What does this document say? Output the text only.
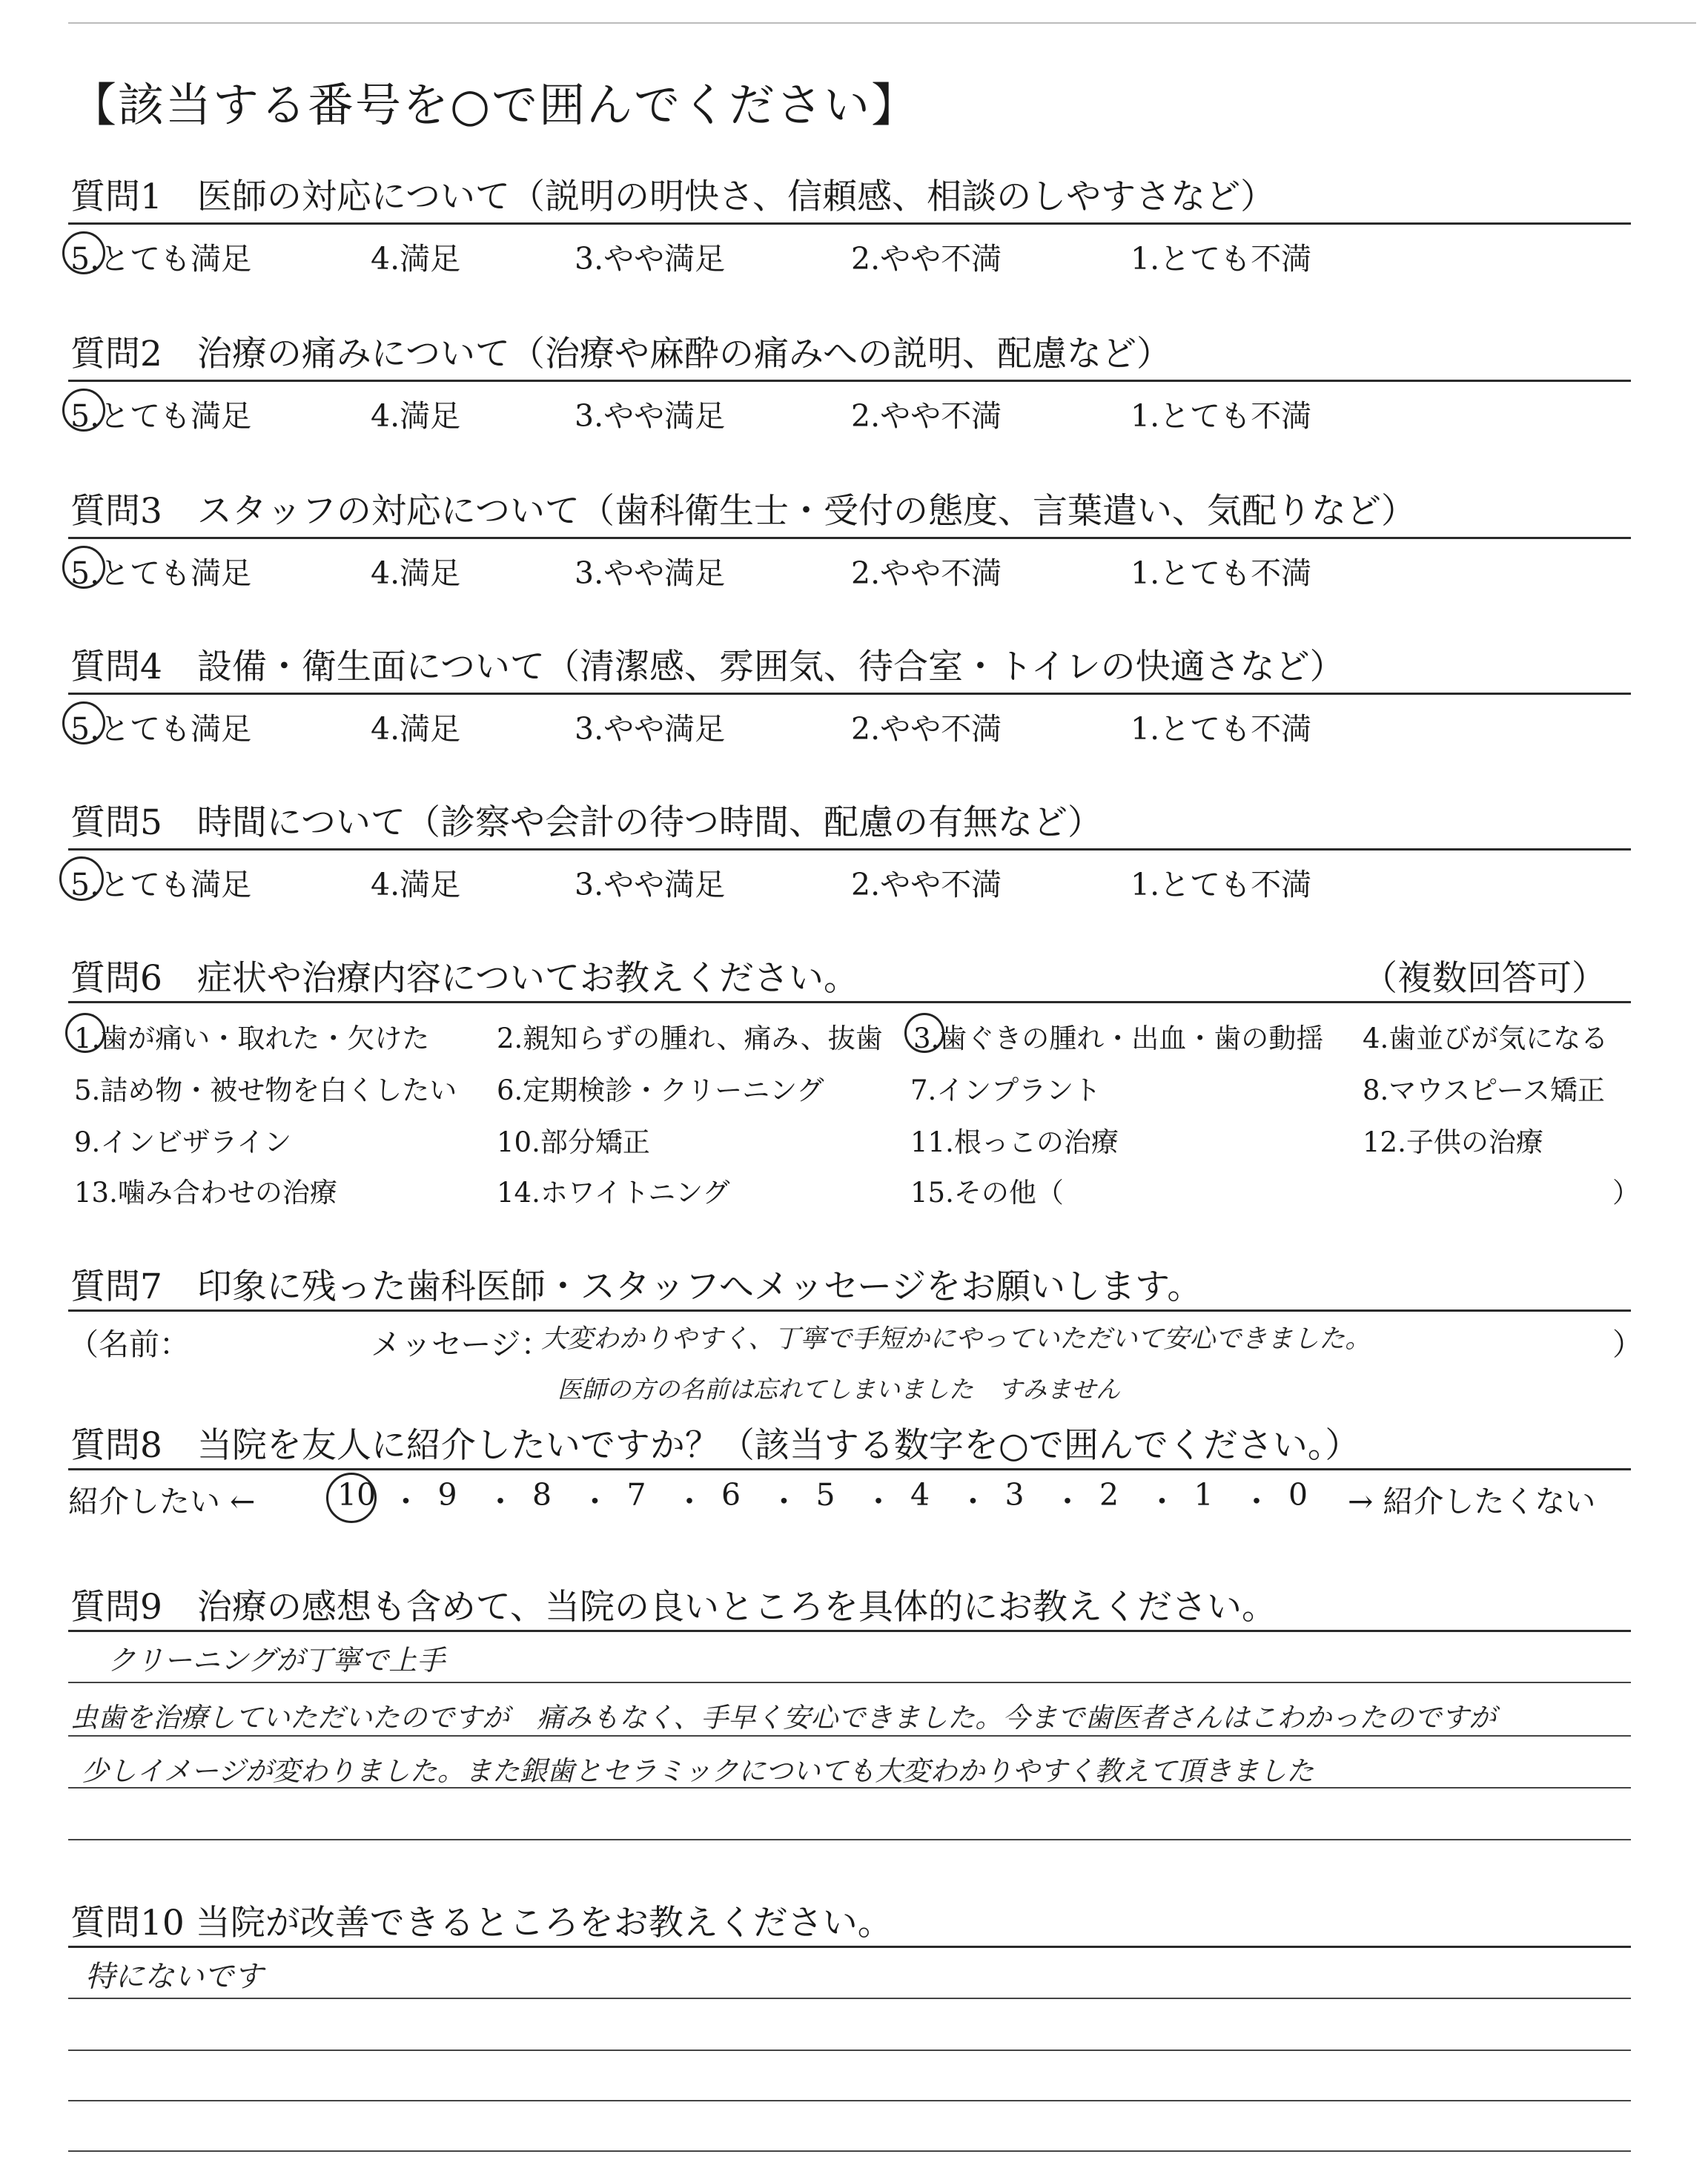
【該当する番号を○で囲んでください】
質問1　医師の対応について（説明の明快さ、信頼感、相談のしやすさなど）
5.とても満足	4.満足	3.やや満足	2.やや不満	1.とても不満
質問2　治療の痛みについて（治療や麻酔の痛みへの説明、配慮など）
5.とても満足	4.満足	3.やや満足	2.やや不満	1.とても不満
質問3　スタッフの対応について（歯科衛生士・受付の態度、言葉遣い、気配りなど）
5.とても満足	4.満足	3.やや満足	2.やや不満	1.とても不満
質問4　設備・衛生面について（清潔感、雰囲気、待合室・トイレの快適さなど）
5.とても満足	4.満足	3.やや満足	2.やや不満	1.とても不満
質問5　時間について（診察や会計の待つ時間、配慮の有無など）
5.とても満足	4.満足	3.やや満足	2.やや不満	1.とても不満
質問6　症状や治療内容についてお教えください。	（複数回答可）
1.歯が痛い・取れた・欠けた 2.親知らずの腫れ、痛み、抜歯 3.歯ぐきの腫れ・出血・歯の動揺 4.歯並びが気になる
5.詰め物・被せ物を白くしたい 6.定期検診・クリーニング	7.インプラント	8.マウスピース矯正
9.インビザライン	10.部分矯正	11.根っこの治療	12.子供の治療
13.噛み合わせの治療	14.ホワイトニング	15.その他（	）
質問7　印象に残った歯科医師・スタッフへメッセージをお願いします。
（名前：	メッセージ：
大変わかりやすく、丁寧で手短かにやっていただいて安心できました。	）
医師の方の名前は忘れてしまいました　すみません
質問8　当院を友人に紹介したいですか？（該当する数字を○で囲んでください。）
紹介したい ←	10 ・ 9 ・ 8 ・ 7 ・ 6 ・ 5 ・ 4 ・ 3 ・ 2 ・ 1 ・ 0 → 紹介したくない
質問9　治療の感想も含めて、当院の良いところを具体的にお教えください。
クリーニングが丁寧で上手
虫歯を治療していただいたのですが　痛みもなく、手早く安心できました。今まで歯医者さんはこわかったのですが
少しイメージが変わりました。また銀歯とセラミックについても大変わかりやすく教えて頂きました
質問10 当院が改善できるところをお教えください。
特にないです
